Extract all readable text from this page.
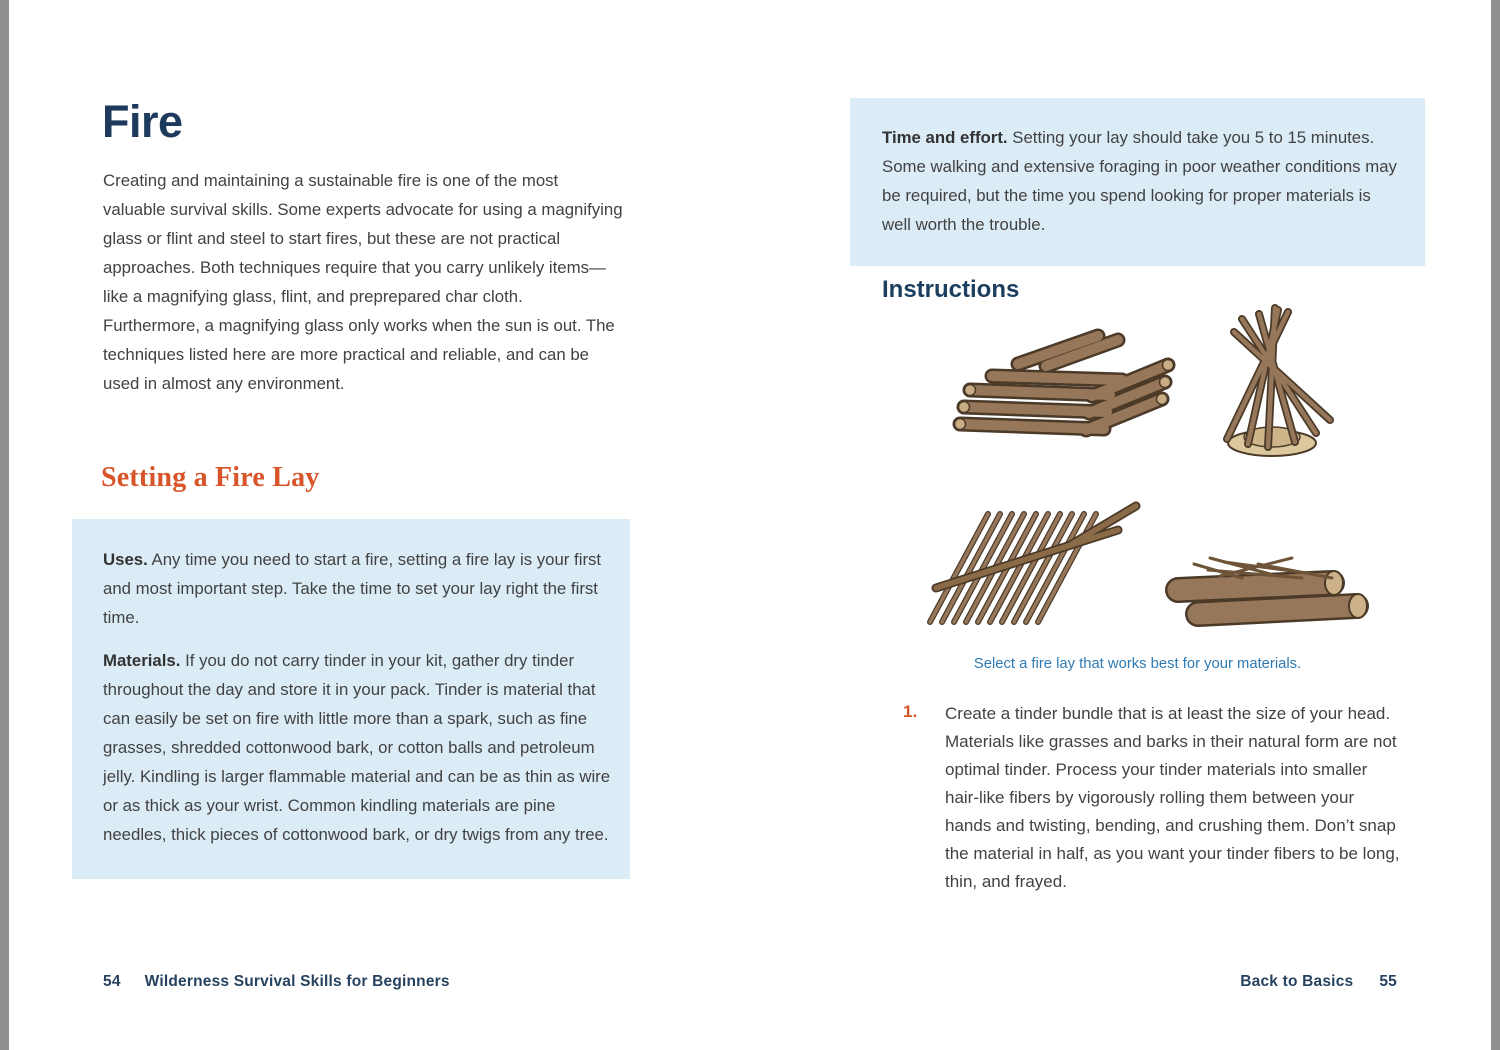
Fire

Creating and maintaining a sustainable fire is one of the most valuable survival skills. Some experts advocate for using a magnifying glass or flint and steel to start fires, but these are not practical approaches. Both techniques require that you carry unlikely items—like a magnifying glass, flint, and preprepared char cloth. Furthermore, a magnifying glass only works when the sun is out. The techniques listed here are more practical and reliable, and can be used in almost any environment.

Setting a Fire Lay

Uses. Any time you need to start a fire, setting a fire lay is your first and most important step. Take the time to set your lay right the first time.

Materials. If you do not carry tinder in your kit, gather dry tinder throughout the day and store it in your pack. Tinder is material that can easily be set on fire with little more than a spark, such as fine grasses, shredded cottonwood bark, or cotton balls and petroleum jelly. Kindling is larger flammable material and can be as thin as wire or as thick as your wrist. Common kindling materials are pine needles, thick pieces of cottonwood bark, or dry twigs from any tree.

54 Wilderness Survival Skills for Beginners

Time and effort. Setting your lay should take you 5 to 15 minutes. Some walking and extensive foraging in poor weather conditions may be required, but the time you spend looking for proper materials is well worth the trouble.

Instructions

Select a fire lay that works best for your materials.

1. Create a tinder bundle that is at least the size of your head. Materials like grasses and barks in their natural form are not optimal tinder. Process your tinder materials into smaller hair-like fibers by vigorously rolling them between your hands and twisting, bending, and crushing them. Don’t snap the material in half, as you want your tinder fibers to be long, thin, and frayed.

Back to Basics 55
